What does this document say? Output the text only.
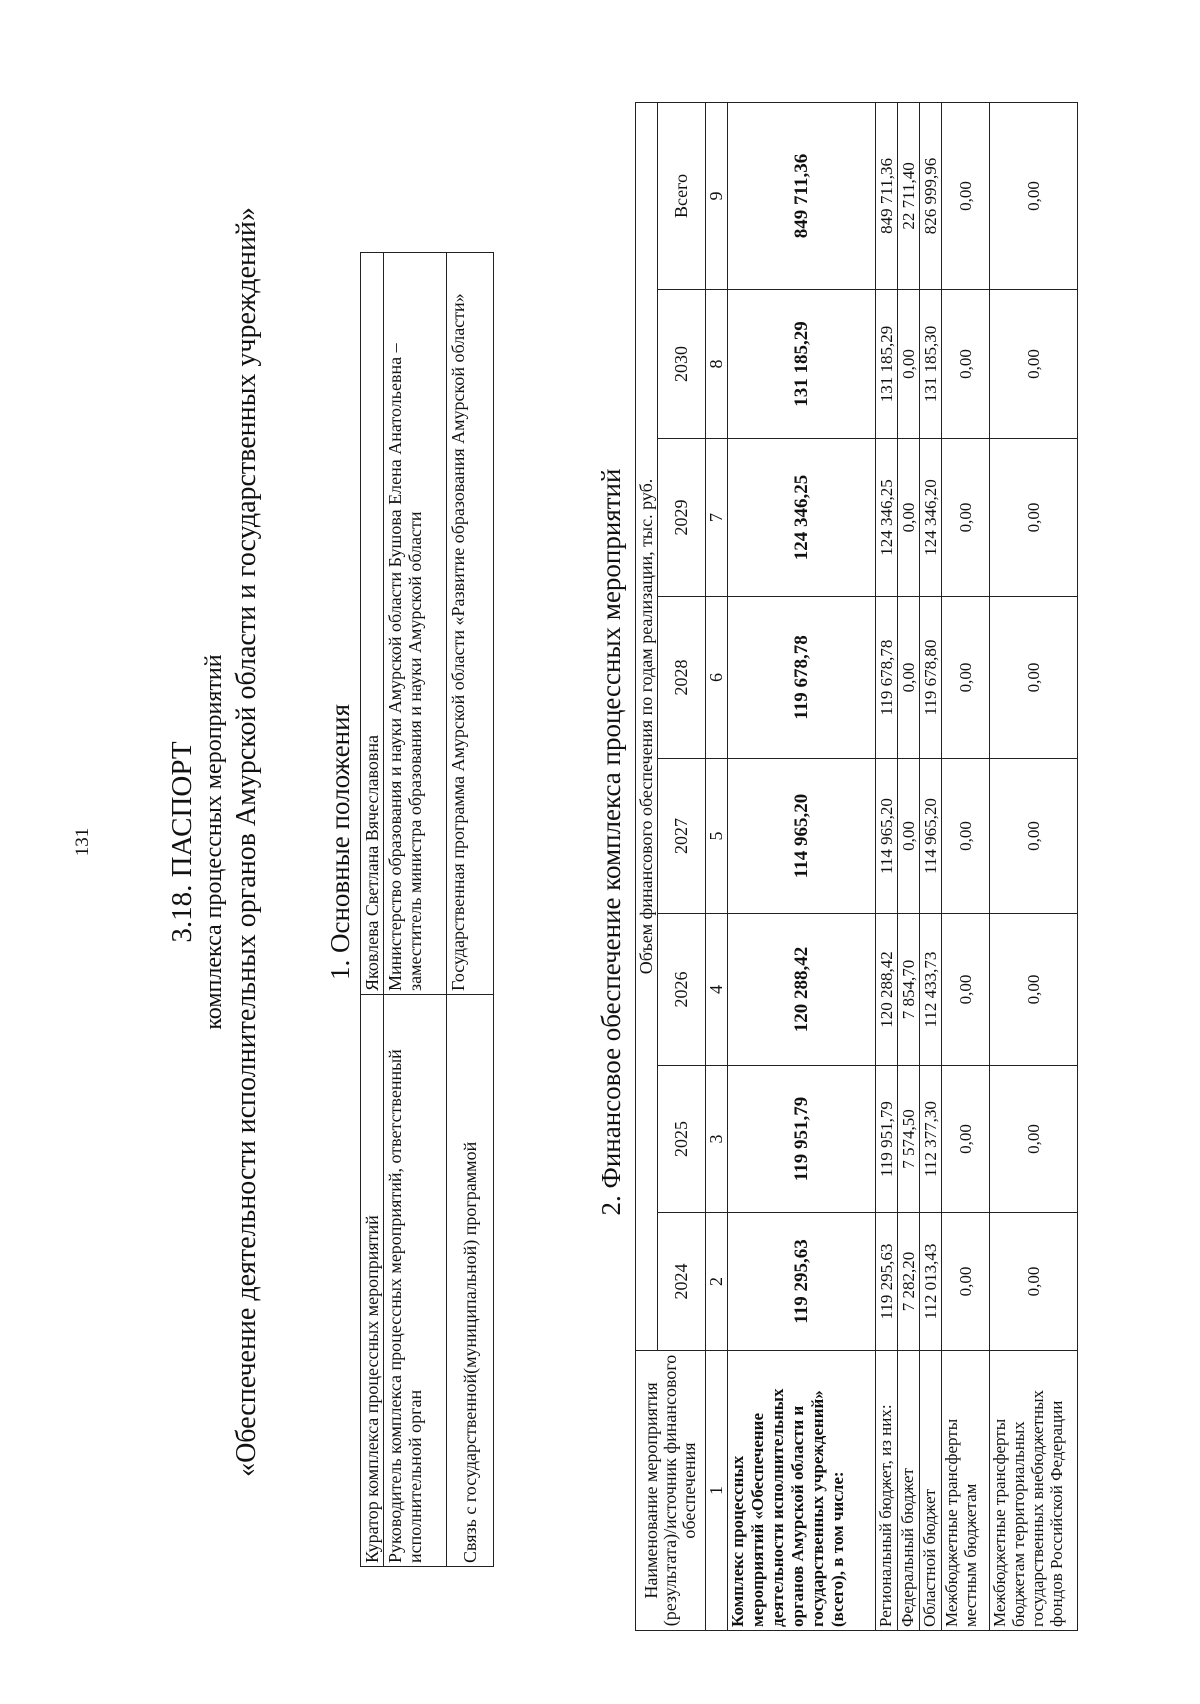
131	3.18. ПАСПОРТ комплекса процессных мероприятий «Обеспечение деятельности исполнительных органов Амурской области и государственных учреждений» 1. Основные положения
Куратор комплекса процессных мероприятий	Яковлева Светлана Вячеславовна
Руководитель комплекса процессных мероприятий, ответственный исполнительной орган	Министерство образования и науки Амурской области Бушова Елена Анатольевна – заместитель министра образования и науки Амурской области
Связь с государственной(муниципальной) программой	Государственная программа Амурской области «Развитие образования Амурской области»	2. Финансовое обеспечение комплекса процессных мероприятий
Наименование мероприятия (результата)/источник финансового обеспечения	Объем финансового обеспечения по годам реализации, тыс. руб.							
	2024	2025	2026	2027	2028	2029	2030	Всего
1	2	3	4	5	6	7	8	9
Комплекс процессных мероприятий «Обеспечение деятельности исполнительных органов Амурской области и государственных учреждений» (всего), в том числе:	119 295,63	119 951,79	120 288,42	114 965,20	119 678,78	124 346,25	131 185,29	849 711,36
Региональный бюджет, из них:	119 295,63	119 951,79	120 288,42	114 965,20	119 678,78	124 346,25	131 185,29	849 711,36
Федеральный бюджет	7 282,20	7 574,50	7 854,70	0,00	0,00	0,00	0,00	22 711,40
Областной бюджет	112 013,43	112 377,30	112 433,73	114 965,20	119 678,80	124 346,20	131 185,30	826 999,96
Межбюджетные трансферты местным бюджетам	0,00	0,00	0,00	0,00	0,00	0,00	0,00	0,00
Межбюджетные трансферты бюджетам территориальных государственных внебюджетных фондов Российской Федерации	0,00	0,00	0,00	0,00	0,00	0,00	0,00	0,00
